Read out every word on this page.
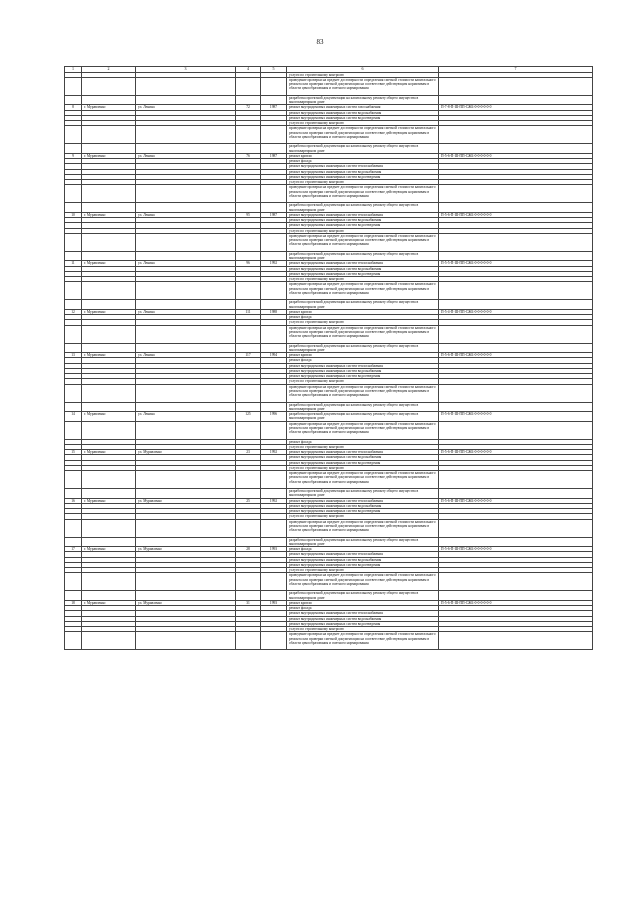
83
1	2	3	4	5	6	7
					услуги по строительному контролю	
					проведение проверки на предмет достоверности определения сметной стоимости капитального ремонта или проверки сметной документации на соответствие действующим нормативам в области ценообразования и сметного нормирования	
					разработка проектной документации на капитальному ремонту общего имущества в многоквартирном доме	
8	г. Муравленко	ул. Ленина	72	1987	ремонт внутридомовых инженерных систем газоснабжения	П-7-8-П-Ш-ПП-СЖБ-0-0-0-0-0-0
					ремонт внутридомовых инженерных систем водоснабжения	
					ремонт внутридомовых инженерных систем водоотведения	
					услуги по строительному контролю	
					проведение проверки на предмет достоверности определения сметной стоимости капитального ремонта или проверки сметной документации на соответствие действующим нормативам в области ценообразования и сметного нормирования	
					разработка проектной документации на капитальному ремонту общего имущества в многоквартирном доме	
9	г. Муравленко	ул. Ленина	76	1987	ремонт кровли	П-5-6-П-Ш-ПП-СЖБ-0-0-0-0-0-0
					ремонт фасада	
					ремонт внутридомовых инженерных систем теплоснабжения	
					ремонт внутридомовых инженерных систем водоснабжения	
					ремонт внутридомовых инженерных систем водоотведения	
					услуги по строительному контролю	
					проведение проверки на предмет достоверности определения сметной стоимости капитального ремонта или проверки сметной документации на соответствие действующим нормативам в области ценообразования и сметного нормирования	
					разработка проектной документации на капитальному ремонту общего имущества в многоквартирном доме	
10	г. Муравленко	ул. Ленина	95	1987	ремонт внутридомовых инженерных систем теплоснабжения	П-5-6-П-Ш-ПП-СЖБ-0-0-0-0-0-0
					ремонт внутридомовых инженерных систем водоснабжения	
					ремонт внутридомовых инженерных систем водоотведения	
					услуги по строительному контролю	
					проведение проверки на предмет достоверности определения сметной стоимости капитального ремонта или проверки сметной документации на соответствие действующим нормативам в области ценообразования и сметного нормирования	
					разработка проектной документации на капитальному ремонту общего имущества в многоквартирном доме	
11	г. Муравленко	ул. Ленина	96	1992	ремонт внутридомовых инженерных систем теплоснабжения	П-5-5-П-Ш-ПП-СЖБ-0-0-0-0-0-0
					ремонт внутридомовых инженерных систем водоснабжения	
					ремонт внутридомовых инженерных систем водоотведения	
					услуги по строительному контролю	
					проведение проверки на предмет достоверности определения сметной стоимости капитального ремонта или проверки сметной документации на соответствие действующим нормативам в области ценообразования и сметного нормирования	
					разработка проектной документации на капитальному ремонту общего имущества в многоквартирном доме	
12	г. Муравленко	ул. Ленина	111	1988	ремонт кровли	П-5-4-П-Ш-ПП-СЖБ-0-0-0-0-0-0
					ремонт фасада	
					услуги по строительному контролю	
					проведение проверки на предмет достоверности определения сметной стоимости капитального ремонта или проверки сметной документации на соответствие действующим нормативам в области ценообразования и сметного нормирования	
					разработка проектной документации на капитальному ремонту общего имущества в многоквартирном доме	
13	г. Муравленко	ул. Ленина	117	1994	ремонт кровли	П-5-6-П-Ш-ПП-СЖБ-0-0-0-0-0-0
					ремонт фасада	
					ремонт внутридомовых инженерных систем теплоснабжения	
					ремонт внутридомовых инженерных систем водоснабжения	
					ремонт внутридомовых инженерных систем водоотведения	
					услуги по строительному контролю	
					проведение проверки на предмет достоверности определения сметной стоимости капитального ремонта или проверки сметной документации на соответствие действующим нормативам в области ценообразования и сметного нормирования	
					разработка проектной документации на капитальному ремонту общего имущества в многоквартирном доме	
14	г. Муравленко	ул. Ленина	125	1996	разработка проектной документации на капитальному ремонту общего имущества в многоквартирном доме	П-5-6-П-Ш-ПП-СЖБ-0-0-0-0-0-0
					проведение проверки на предмет достоверности определения сметной стоимости капитального ремонта или проверки сметной документации на соответствие действующим нормативам в области ценообразования и сметного нормирования	
					ремонт фасада	
					услуги по строительному контролю	
15	г. Муравленко	ул. Муравленко	23	1992	ремонт внутридомовых инженерных систем теплоснабжения	П-5-6-П-Ш-ПП-СЖБ-0-0-0-0-0-0
					ремонт внутридомовых инженерных систем водоснабжения	
					ремонт внутридомовых инженерных систем водоотведения	
					услуги по строительному контролю	
					проведение проверки на предмет достоверности определения сметной стоимости капитального ремонта или проверки сметной документации на соответствие действующим нормативам в области ценообразования и сметного нормирования	
					разработка проектной документации на капитальному ремонту общего имущества в многоквартирном доме	
16	г. Муравленко	ул. Муравленко	25	1992	ремонт внутридомовых инженерных систем теплоснабжения	П-5-6-П-Ш-ПП-СЖБ-0-0-0-0-0-0
					ремонт внутридомовых инженерных систем водоснабжения	
					ремонт внутридомовых инженерных систем водоотведения	
					услуги по строительному контролю	
					проведение проверки на предмет достоверности определения сметной стоимости капитального ремонта или проверки сметной документации на соответствие действующим нормативам в области ценообразования и сметного нормирования	
					разработка проектной документации на капитальному ремонту общего имущества в многоквартирном доме	
17	г. Муравленко	ул. Муравленко	28	1993	ремонт фасада	П-5-6-П-Ш-ПП-СЖБ-0-0-0-0-0-0
					ремонт внутридомовых инженерных систем теплоснабжения	
					ремонт внутридомовых инженерных систем водоснабжения	
					ремонт внутридомовых инженерных систем водоотведения	
					услуги по строительному контролю	
					проведение проверки на предмет достоверности определения сметной стоимости капитального ремонта или проверки сметной документации на соответствие действующим нормативам в области ценообразования и сметного нормирования	
					разработка проектной документации на капитальному ремонту общего имущества в многоквартирном доме	
18	г. Муравленко	ул. Муравленко	31	1993	ремонт кровли	П-5-6-П-Ш-ПП-СЖБ-0-0-0-0-0-0
					ремонт фасада	
					ремонт внутридомовых инженерных систем теплоснабжения	
					ремонт внутридомовых инженерных систем водоснабжения	
					ремонт внутридомовых инженерных систем водоотведения	
					услуги по строительному контролю	
					проведение проверки на предмет достоверности определения сметной стоимости капитального ремонта или проверки сметной документации на соответствие действующим нормативам в области ценообразования и сметного нормирования	
